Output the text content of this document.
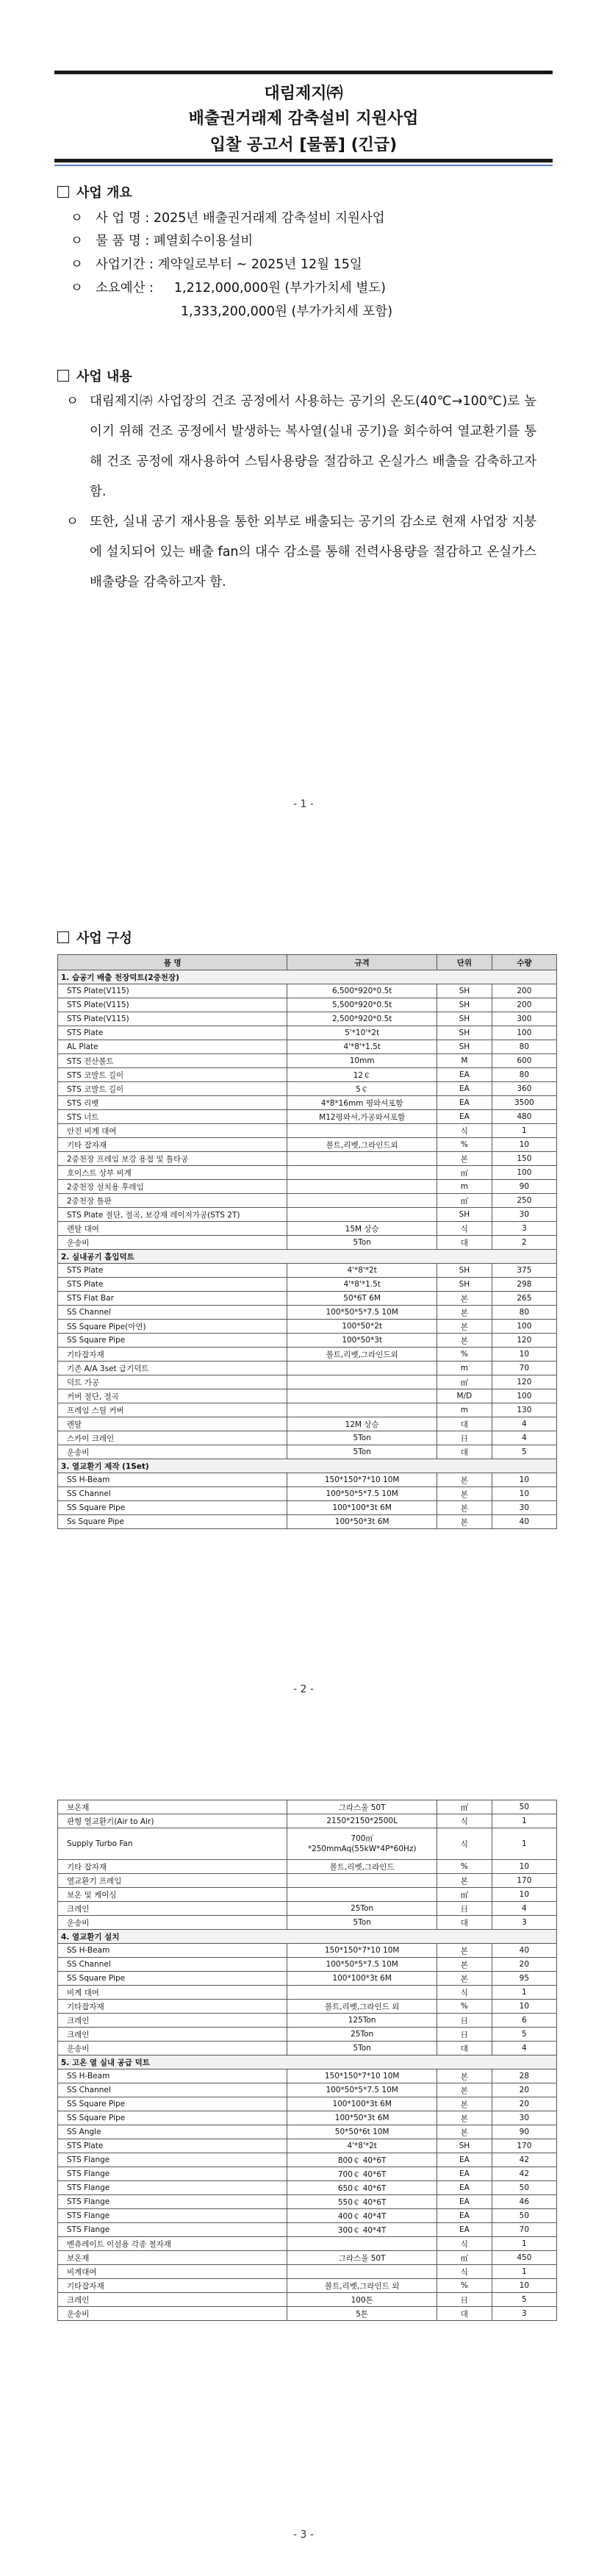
대림제지㈜
배출권거래제 감축설비 지원사업
입찰 공고서 [물품] (긴급)
사업 개요
ㅇ 사 업 명 : 2025년 배출권거래제 감축설비 지원사업
ㅇ 물 품 명 : 폐열회수이용설비
ㅇ 사업기간 : 계약일로부터 ~ 2025년 12월 15일
ㅇ 소요예산 : 1,212,000,000원 (부가가치세 별도)
1,333,200,000원 (부가가치세 포함)
사업 내용
ㅇ 대림제지㈜ 사업장의 건조 공정에서 사용하는 공기의 온도(40℃→100℃)로 높이기 위해 건조 공정에서 발생하는 복사열(실내 공기)을 회수하여 열교환기를 통해 건조 공정에 재사용하여 스팀사용량을 절감하고 온실가스 배출을 감축하고자 함.
ㅇ 또한, 실내 공기 재사용을 통한 외부로 배출되는 공기의 감소로 현재 사업장 지붕에 설치되어 있는 배출 fan의 대수 감소를 통해 전력사용량을 절감하고 온실가스 배출량을 감축하고자 함.
- 1 -
사업 구성
품 명	규격	단위	수량
1. 습공기 배출 천장덕트(2중천장)			
STS Plate(V115)	6,500*920*0.5t	SH	200
STS Plate(V115)	5,500*920*0.5t	SH	200
STS Plate(V115)	2,500*920*0.5t	SH	300
STS Plate	5'*10'*2t	SH	100
AL Plate	4'*8'*1.5t	SH	80
STS 전산볼트	10mm	M	600
STS 코발트 길이	12￠	EA	80
STS 코발트 길이	5￠	EA	360
STS 리벳	4*8*16mm 평와셔포함	EA	3500
STS 너트	M12평와셔,가공와셔포함	EA	480
안전 비계 대여		식	1
기타 잡자재	볼트,리벳,그라인드외	%	10
2중천장 프레임 보강 용접 및 틀타공		본	150
호이스트 상부 비계		㎡	100
2중천장 설치용 후레임		m	90
2중천장 틀판		㎡	250
STS Plate 절단, 절곡, 보강재 레이저가공(STS 2T)		SH	30
렌탈 대여	15M 상승	식	3
운송비	5Ton	대	2
2. 실내공기 흡입덕트			
STS Plate	4'*8'*2t	SH	375
STS Plate	4'*8'*1.5t	SH	298
STS Flat Bar	50*6T 6M	본	265
SS Channel	100*50*5*7.5 10M	본	80
SS Square Pipe(아연)	100*50*2t	본	100
SS Square Pipe	100*50*3t	본	120
기타잡자재	볼트,리벳,그라인드외	%	10
기존 A/A 3set 급기덕트		m	70
덕트 가공		㎡	120
커버 절단, 절곡		M/D	100
프레임 스틸 커버		m	130
렌탈	12M 상승	대	4
스카이 크레인	5Ton	日	4
운송비	5Ton	대	5
3. 열교환기 제작 (1Set)			
SS H-Beam	150*150*7*10 10M	본	10
SS Channel	100*50*5*7.5 10M	본	10
SS Square Pipe	100*100*3t 6M	본	30
Ss Square Pipe	100*50*3t 6M	본	40
- 2 -
보온재	그라스울 50T	㎡	50
판형 열교환기(Air to Air)	2150*2150*2500L	식	1
Supply Turbo Fan	700㎥
*250mmAq(55kW*4P*60Hz)	식	1
기타 잡자재	볼트,리벳,그라인드	%	10
열교환기 프레임		본	170
보온 및 케이싱		㎡	10
크레인	25Ton	日	4
운송비	5Ton	대	3
4. 열교환기 설치			
SS H-Beam	150*150*7*10 10M	본	40
SS Channel	100*50*5*7.5 10M	본	20
SS Square Pipe	100*100*3t 6M	본	95
비계 대여		식	1
기타잡자재	볼트,리벳,그라인드 외	%	10
크레인	125Ton	日	6
크레인	25Ton	日	5
운송비	5Ton	대	4
5. 고온 열 실내 공급 덕트			
SS H-Beam	150*150*7*10 10M	본	28
SS Channel	100*50*5*7.5 10M	본	20
SS Square Pipe	100*100*3t 6M	본	20
SS Square Pipe	100*50*3t 6M	본	30
SS Angle	50*50*6t 10M	본	90
STS Plate	4'*8'*2t	SH	170
STS Flange	800￠ 40*6T	EA	42
STS Flange	700￠ 40*6T	EA	42
STS Flange	650￠ 40*6T	EA	50
STS Flange	550￠ 40*6T	EA	46
STS Flange	400￠ 40*4T	EA	50
STS Flange	300￠ 40*4T	EA	70
벤츄레이트 이설용 각종 철자재		식	1
보온재	그라스울 50T	㎡	450
비계대여		식	1
기타잡자재	볼트,리벳,그라인드 외	%	10
크레인	100톤	日	5
운송비	5톤	대	3
- 3 -
